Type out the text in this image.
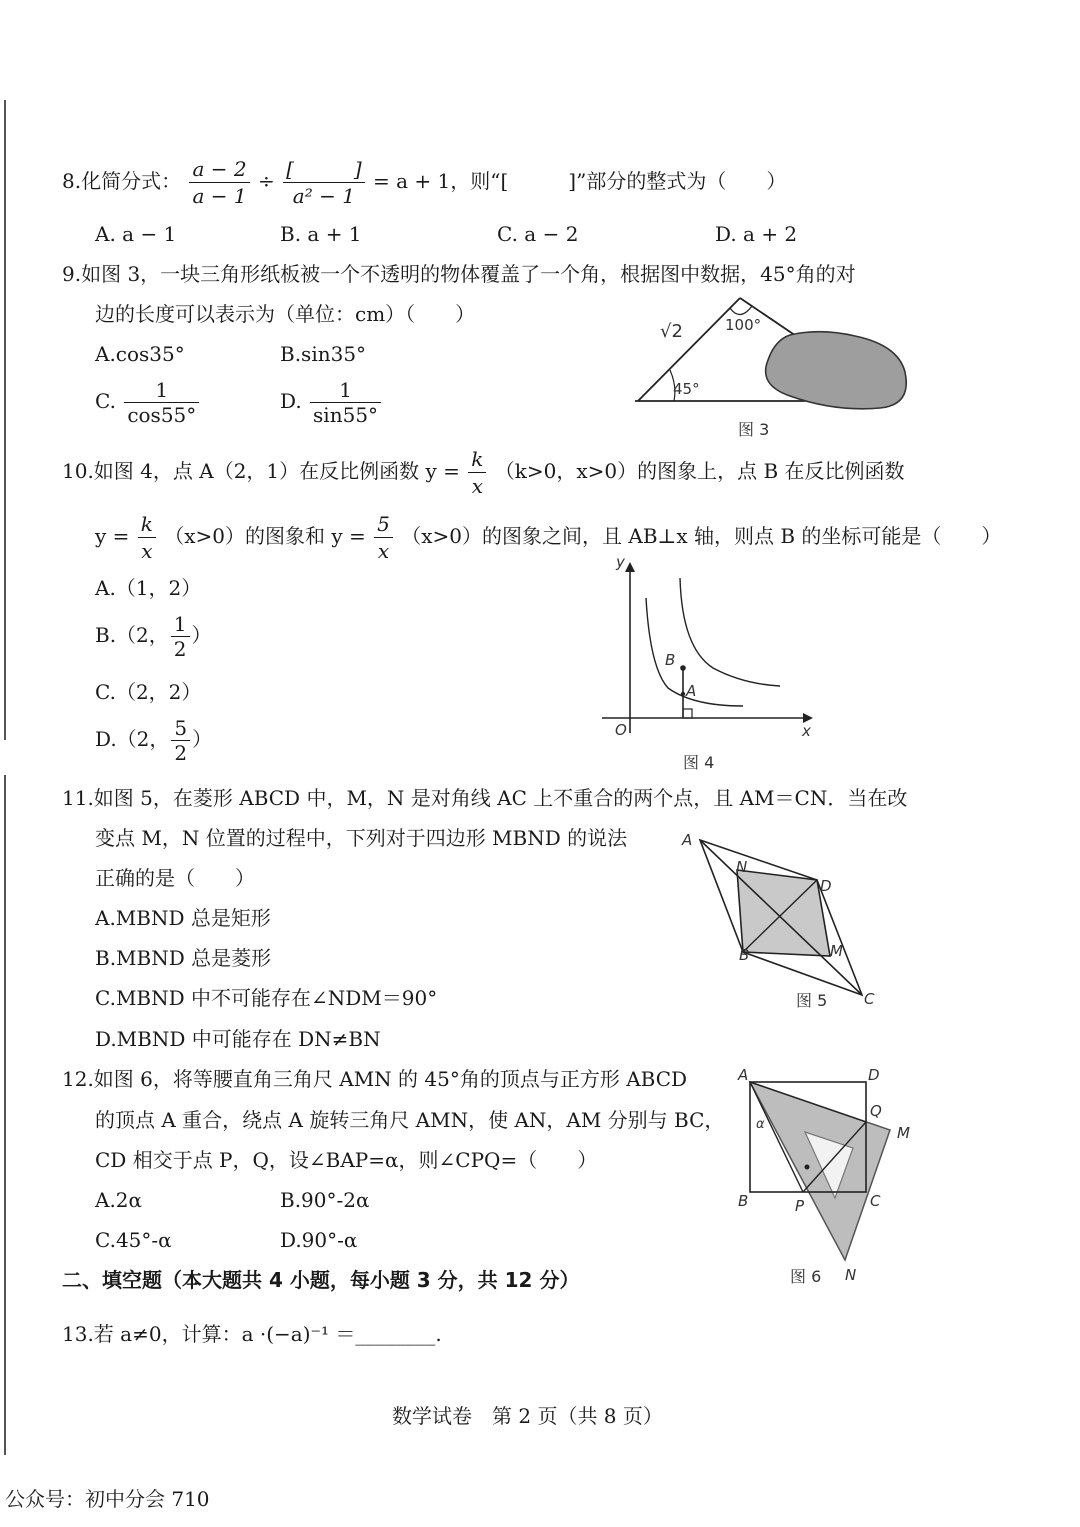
8.化简分式： $\frac{a - 2}{a - 1} \div \frac{[ ]}{\text{a² − 1}} = a + 1$，则“[　　　]”部分的整式为（　　）
A. a − 1	B. a + 1	C. a − 2	D. a + 2
9.如图 3，一块三角形纸板被一个不透明的物体覆盖了一个角，根据图中数据，45°角的对
边的长度可以表示为（单位：cm）（　　）
A.cos35°	B.sin35°
C. $\frac{1}{\cos 55^\circ}$	D. $\frac{1}{\sin 55^\circ}$
√2	100°
45°
图 3
10.如图 4，点 A（2，1）在反比例函数 $y = \frac{k}{x} (k>0$，x>0）的图象上，点 B 在反比例函数
$y = \frac{k}{x} (x>0)$的图象和 $y = \frac{5}{x} (x>0)$的图象之间，且 AB⊥x 轴，则点 B 的坐标可能是（　　）
A.（1，2）
B.（2， $\frac{1}{2}$ ）
C.（2，2）
D.（2， $\frac{5}{2}$ ）
y
x
O
B
A
图 4
11.如图 5，在菱形 ABCD 中，M，N 是对角线 AC 上不重合的两个点，且 AM＝CN．当在改
变点 M，N 位置的过程中，下列对于四边形 MBND 的说法
正确的是（　　）
A.MBND 总是矩形
B.MBND 总是菱形
C.MBND 中不可能存在∠NDM＝90°
D.MBND 中可能存在 DN≠BN
A
N
D
B	M
C
图 5
12.如图 6，将等腰直角三角尺 AMN 的 45°角的顶点与正方形 ABCD
的顶点 A 重合，绕点 A 旋转三角尺 AMN，使 AN，AM 分别与 BC，
CD 相交于点 P，Q，设∠BAP=α，则∠CPQ=（　　）
A.2α	B.90°-2α
C.45°-α	D.90°-α
A	D
Q
M
α
B	P	C
N
图 6
二、填空题（本大题共 4 小题，每小题 3 分，共 12 分）
13.若 a≠0，计算：a ·(−a)⁻¹ ＝________.
数学试卷　第 2 页（共 8 页）
公众号：初中分会 710
